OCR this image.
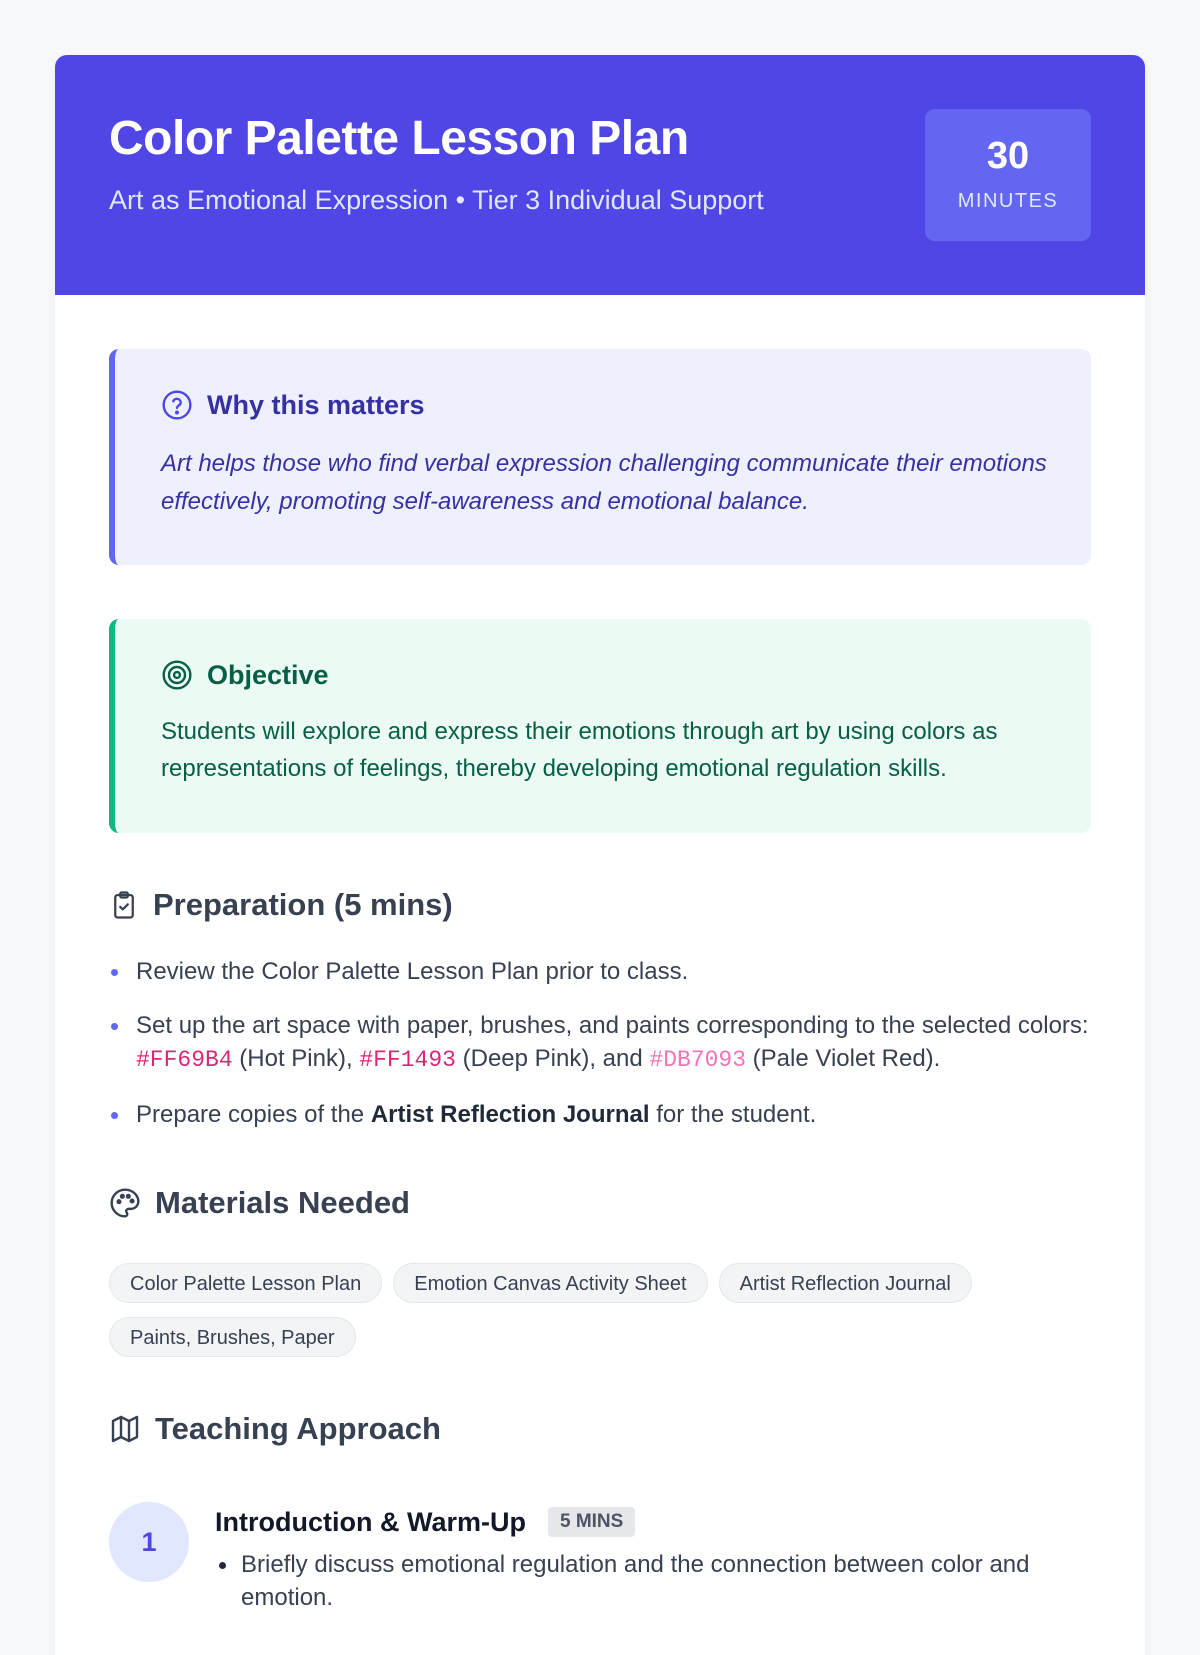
Color Palette Lesson Plan
Art as Emotional Expression • Tier 3 Individual Support
30
MINUTES
Why this matters
Art helps those who find verbal expression challenging communicate their emotions effectively, promoting self-awareness and emotional balance.
Objective
Students will explore and express their emotions through art by using colors as representations of feelings, thereby developing emotional regulation skills.
Preparation (5 mins)
Review the Color Palette Lesson Plan prior to class.
Set up the art space with paper, brushes, and paints corresponding to the selected colors: #FF69B4 (Hot Pink), #FF1493 (Deep Pink), and #DB7093 (Pale Violet Red).
Prepare copies of the Artist Reflection Journal for the student.
Materials Needed
Color Palette Lesson Plan	Emotion Canvas Activity Sheet	Artist Reflection JournalPaints, Brushes, Paper
Teaching Approach
1
Introduction & Warm-Up	5 MINS
Briefly discuss emotional regulation and the connection between color and emotion.
